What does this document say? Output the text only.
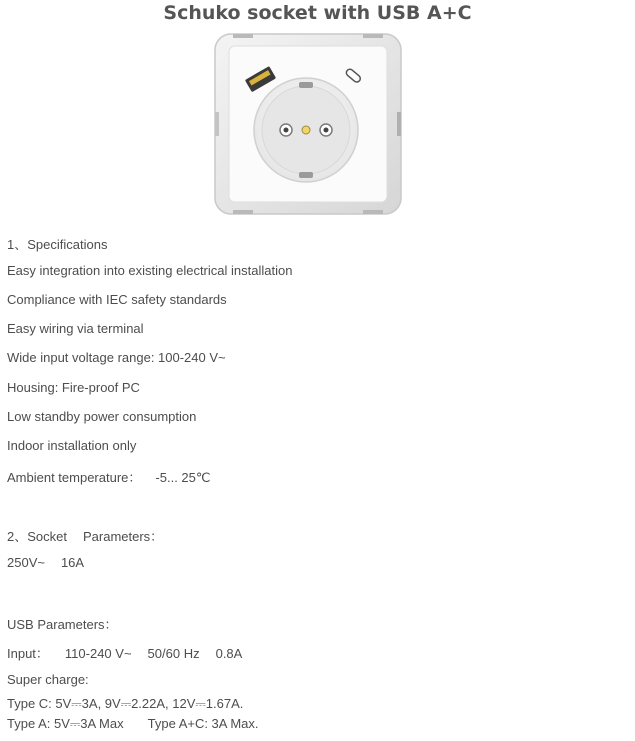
Schuko socket with USB A+C
1、Specifications
Easy integration into existing electrical installation
Compliance with IEC safety standards
Easy wiring via terminal
Wide input voltage range: 100-240 V~
Housing: Fire-proof PC
Low standby power consumption
Indoor installation only
Ambient temperature： -5... 25℃
2、Socket Parameters：
250V~ 16A
USB Parameters：
Input： 110-240 V~ 50/60 Hz 0.8A
Super charge:
Type C: 5V⎓3A, 9V⎓2.22A, 12V⎓1.67A.
Type A: 5V⎓3A Max Type A+C: 3A Max.
